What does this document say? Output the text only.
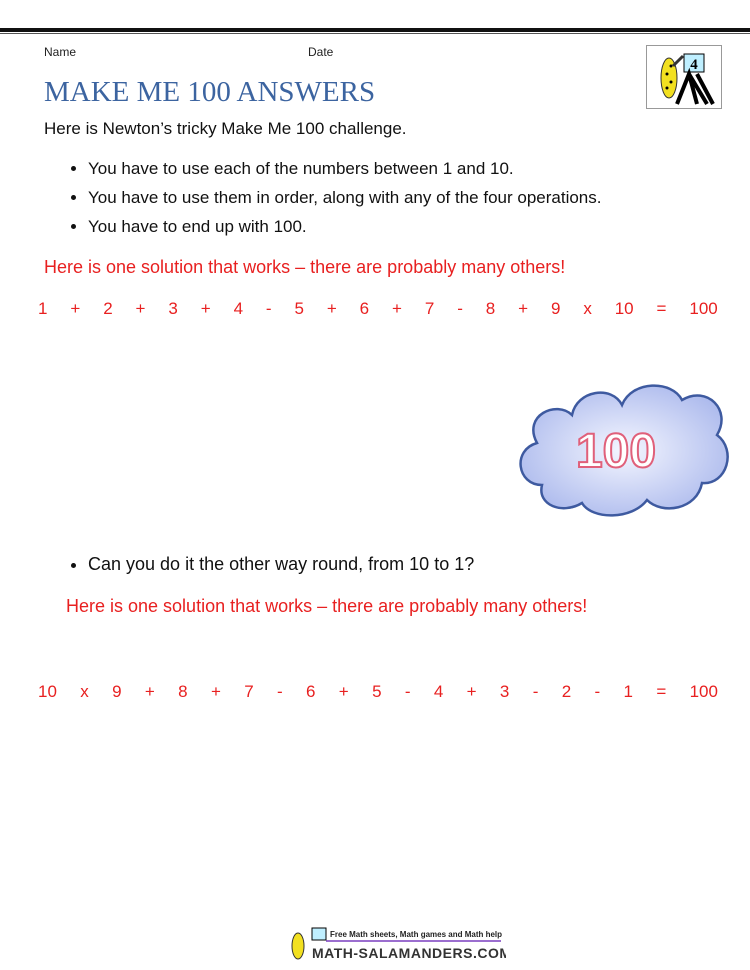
Name	Date
MAKE ME 100 ANSWERS
4
Here is Newton’s tricky Make Me 100 challenge.
• You have to use each of the numbers between 1 and 10.
• You have to use them in order, along with any of the four operations.
• You have to end up with 100.
Here is one solution that works – there are probably many others!
1 + 2 + 3 + 4 - 5 + 6 + 7 - 8 + 9 x 10 = 100
100
• Can you do it the other way round, from 10 to 1?
Here is one solution that works – there are probably many others!
10 x 9 + 8 + 7 - 6 + 5 - 4 + 3 - 2 - 1 = 100
Free Math sheets, Math games and Math help
MATH-SALAMANDERS.COM
